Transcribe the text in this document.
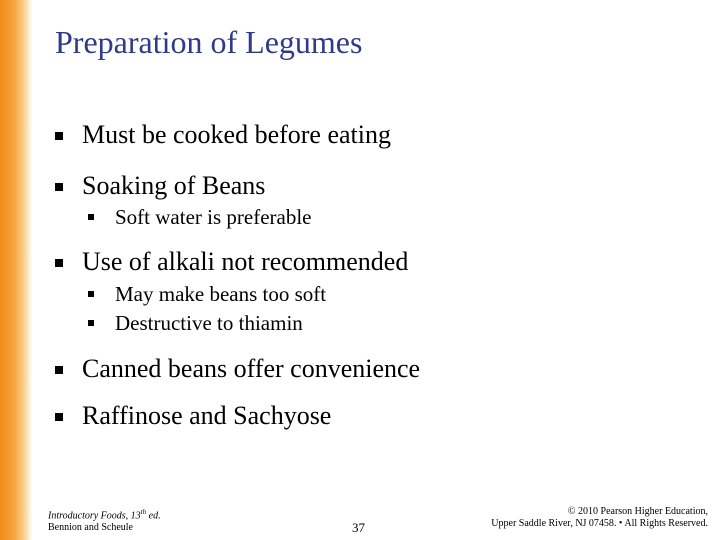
Preparation of Legumes
Must be cooked before eating
Soaking of Beans
Soft water is preferable
Use of alkali not recommended
May make beans too soft
Destructive to thiamin
Canned beans offer convenience
Raffinose and Sachyose
Introductory Foods, 13th ed.
Bennion and Scheule	37
© 2010 Pearson Higher Education,
Upper Saddle River, NJ 07458. • All Rights Reserved.
